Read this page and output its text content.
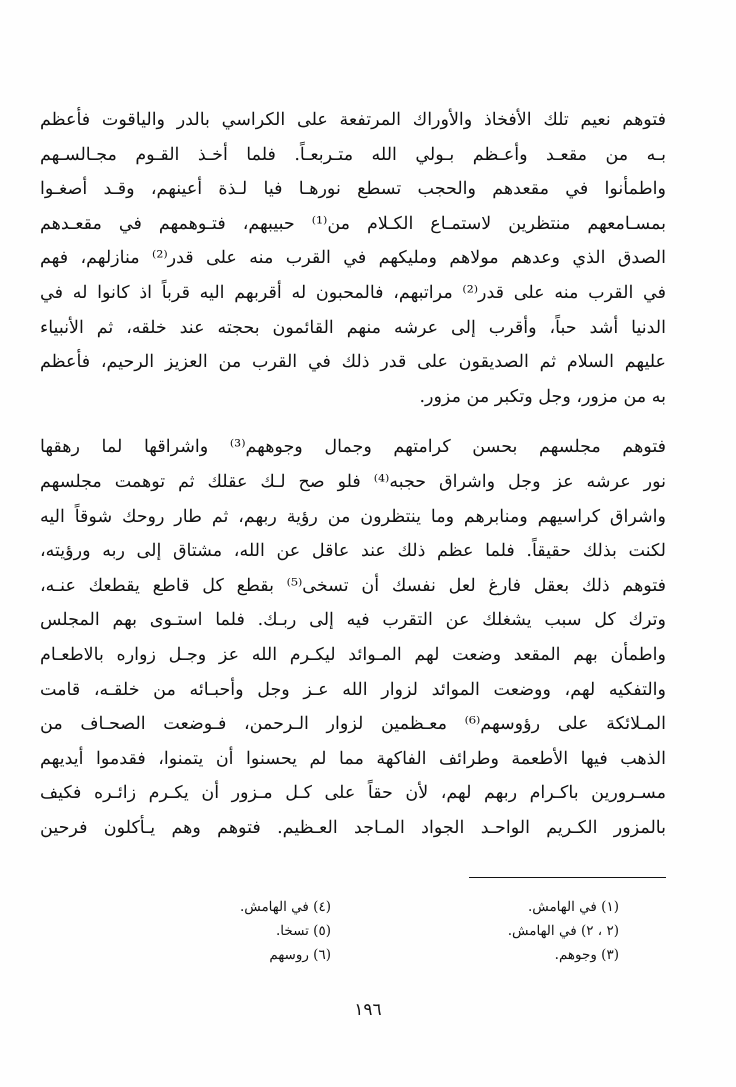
فتوهم نعيم تلك الأفخاذ والأوراك المرتفعة على الكراسي بالدر والياقوت فأعظم

بـه من مقعـد وأعـظم بـولي الله متـربعـاً. فلما أخـذ القـوم مجـالسـهم

واطمأنوا في مقعدهم والحجب تسطع نورهـا فيا لـذة أعينهم، وقـد أصغـوا

بمسـامعهم منتظرين لاستمـاع الكـلام من⁽¹⁾ حبيبهم، فتـوهمهم في مقعـدهم

الصدق الذي وعدهم مولاهم ومليكهم في القرب منه على قدر⁽²⁾ منازلهم، فهم

في القرب منه على قدر⁽²⁾ مراتبهم، فالمحبون له أقربهم اليه قرباً اذ كانوا له في

الدنيا أشد حباً، وأقرب إلى عرشه منهم القائمون بحجته عند خلقه، ثم الأنبياء

عليهم السلام ثم الصديقون على قدر ذلك في القرب من العزيز الرحيم، فأعظم

به من مزور، وجل وتكبر من مزور.

فتوهم مجلسهم بحسن كرامتهم وجمال وجوههم⁽³⁾ واشراقها لما رهقها

نور عرشه عز وجل واشراق حجبه⁽⁴⁾ فلو صح لـك عقلك ثم توهمت مجلسهم

واشراق كراسيهم ومنابرهم وما ينتظرون من رؤية ربهم، ثم طار روحك شوقاً اليه

لكنت بذلك حقيقاً. فلما عظم ذلك عند عاقل عن الله، مشتاق إلى ربه ورؤيته،

فتوهم ذلك بعقل فارغ لعل نفسك أن تسخى⁽⁵⁾ بقطع كل قاطع يقطعك عنـه،

وترك كل سبب يشغلك عن التقرب فيه إلى ربـك. فلما استـوى بهم المجلس

واطمأن بهم المقعد وضعت لهم المـوائد ليكـرم الله عز وجـل زواره بالاطعـام

والتفكيه لهم، ووضعت الموائد لزوار الله عـز وجل وأحبـائه من خلقـه، قامت

المـلائكة على رؤوسهم⁽⁶⁾ معـظمين لزوار الـرحمن، فـوضعت الصحـاف من

الذهب فيها الأطعمة وطرائف الفاكهة مما لم يحسنوا أن يتمنوا، فقدموا أيديهم

مسـرورين باكـرام ربهم لهم، لأن حقاً على كـل مـزور أن يكـرم زائـره فكيف

بالمزور الكـريم الواحـد الجواد المـاجد العـظيم. فتوهم وهم يـأكلون فرحين

(١) في الهامش.
(٢ ، ٢) في الهامش.
(٣) وجوهم.
(٤) في الهامش.
(٥) تسخا.
(٦) روسهم
١٩٦
